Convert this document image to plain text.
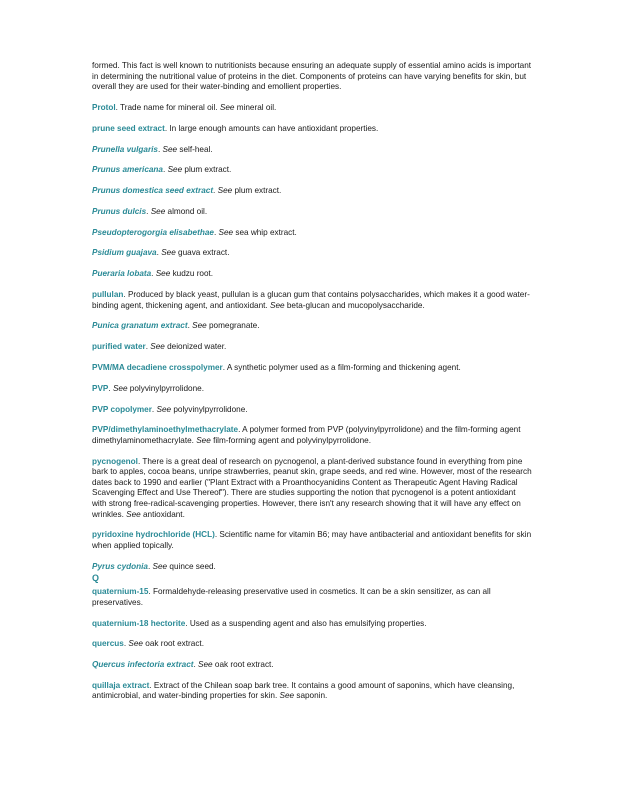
formed. This fact is well known to nutritionists because ensuring an adequate supply of essential amino acids is important in determining the nutritional value of proteins in the diet. Components of proteins can have varying benefits for skin, but overall they are used for their water-binding and emollient properties.

Protol. Trade name for mineral oil. See mineral oil.

prune seed extract. In large enough amounts can have antioxidant properties.

Prunella vulgaris. See self-heal.

Prunus americana. See plum extract.

Prunus domestica seed extract. See plum extract.

Prunus dulcis. See almond oil.

Pseudopterogorgia elisabethae. See sea whip extract.

Psidium guajava. See guava extract.

Pueraria lobata. See kudzu root.

pullulan. Produced by black yeast, pullulan is a glucan gum that contains polysaccharides, which makes it a good water-binding agent, thickening agent, and antioxidant. See beta-glucan and mucopolysaccharide.

Punica granatum extract. See pomegranate.

purified water. See deionized water.

PVM/MA decadiene crosspolymer. A synthetic polymer used as a film-forming and thickening agent.

PVP. See polyvinylpyrrolidone.

PVP copolymer. See polyvinylpyrrolidone.

PVP/dimethylaminoethylmethacrylate. A polymer formed from PVP (polyvinylpyrrolidone) and the film-forming agent dimethylaminomethacrylate. See film-forming agent and polyvinylpyrrolidone.

pycnogenol. There is a great deal of research on pycnogenol, a plant-derived substance found in everything from pine bark to apples, cocoa beans, unripe strawberries, peanut skin, grape seeds, and red wine. However, most of the research dates back to 1990 and earlier ("Plant Extract with a Proanthocyanidins Content as Therapeutic Agent Having Radical Scavenging Effect and Use Thereof"). There are studies supporting the notion that pycnogenol is a potent antioxidant with strong free-radical-scavenging properties. However, there isn't any research showing that it will have any effect on wrinkles. See antioxidant.

pyridoxine hydrochloride (HCL). Scientific name for vitamin B6; may have antibacterial and antioxidant benefits for skin when applied topically.

Pyrus cydonia. See quince seed.

Q

quaternium-15. Formaldehyde-releasing preservative used in cosmetics. It can be a skin sensitizer, as can all preservatives.

quaternium-18 hectorite. Used as a suspending agent and also has emulsifying properties.

quercus. See oak root extract.

Quercus infectoria extract. See oak root extract.

quillaja extract. Extract of the Chilean soap bark tree. It contains a good amount of saponins, which have cleansing, antimicrobial, and water-binding properties for skin. See saponin.
